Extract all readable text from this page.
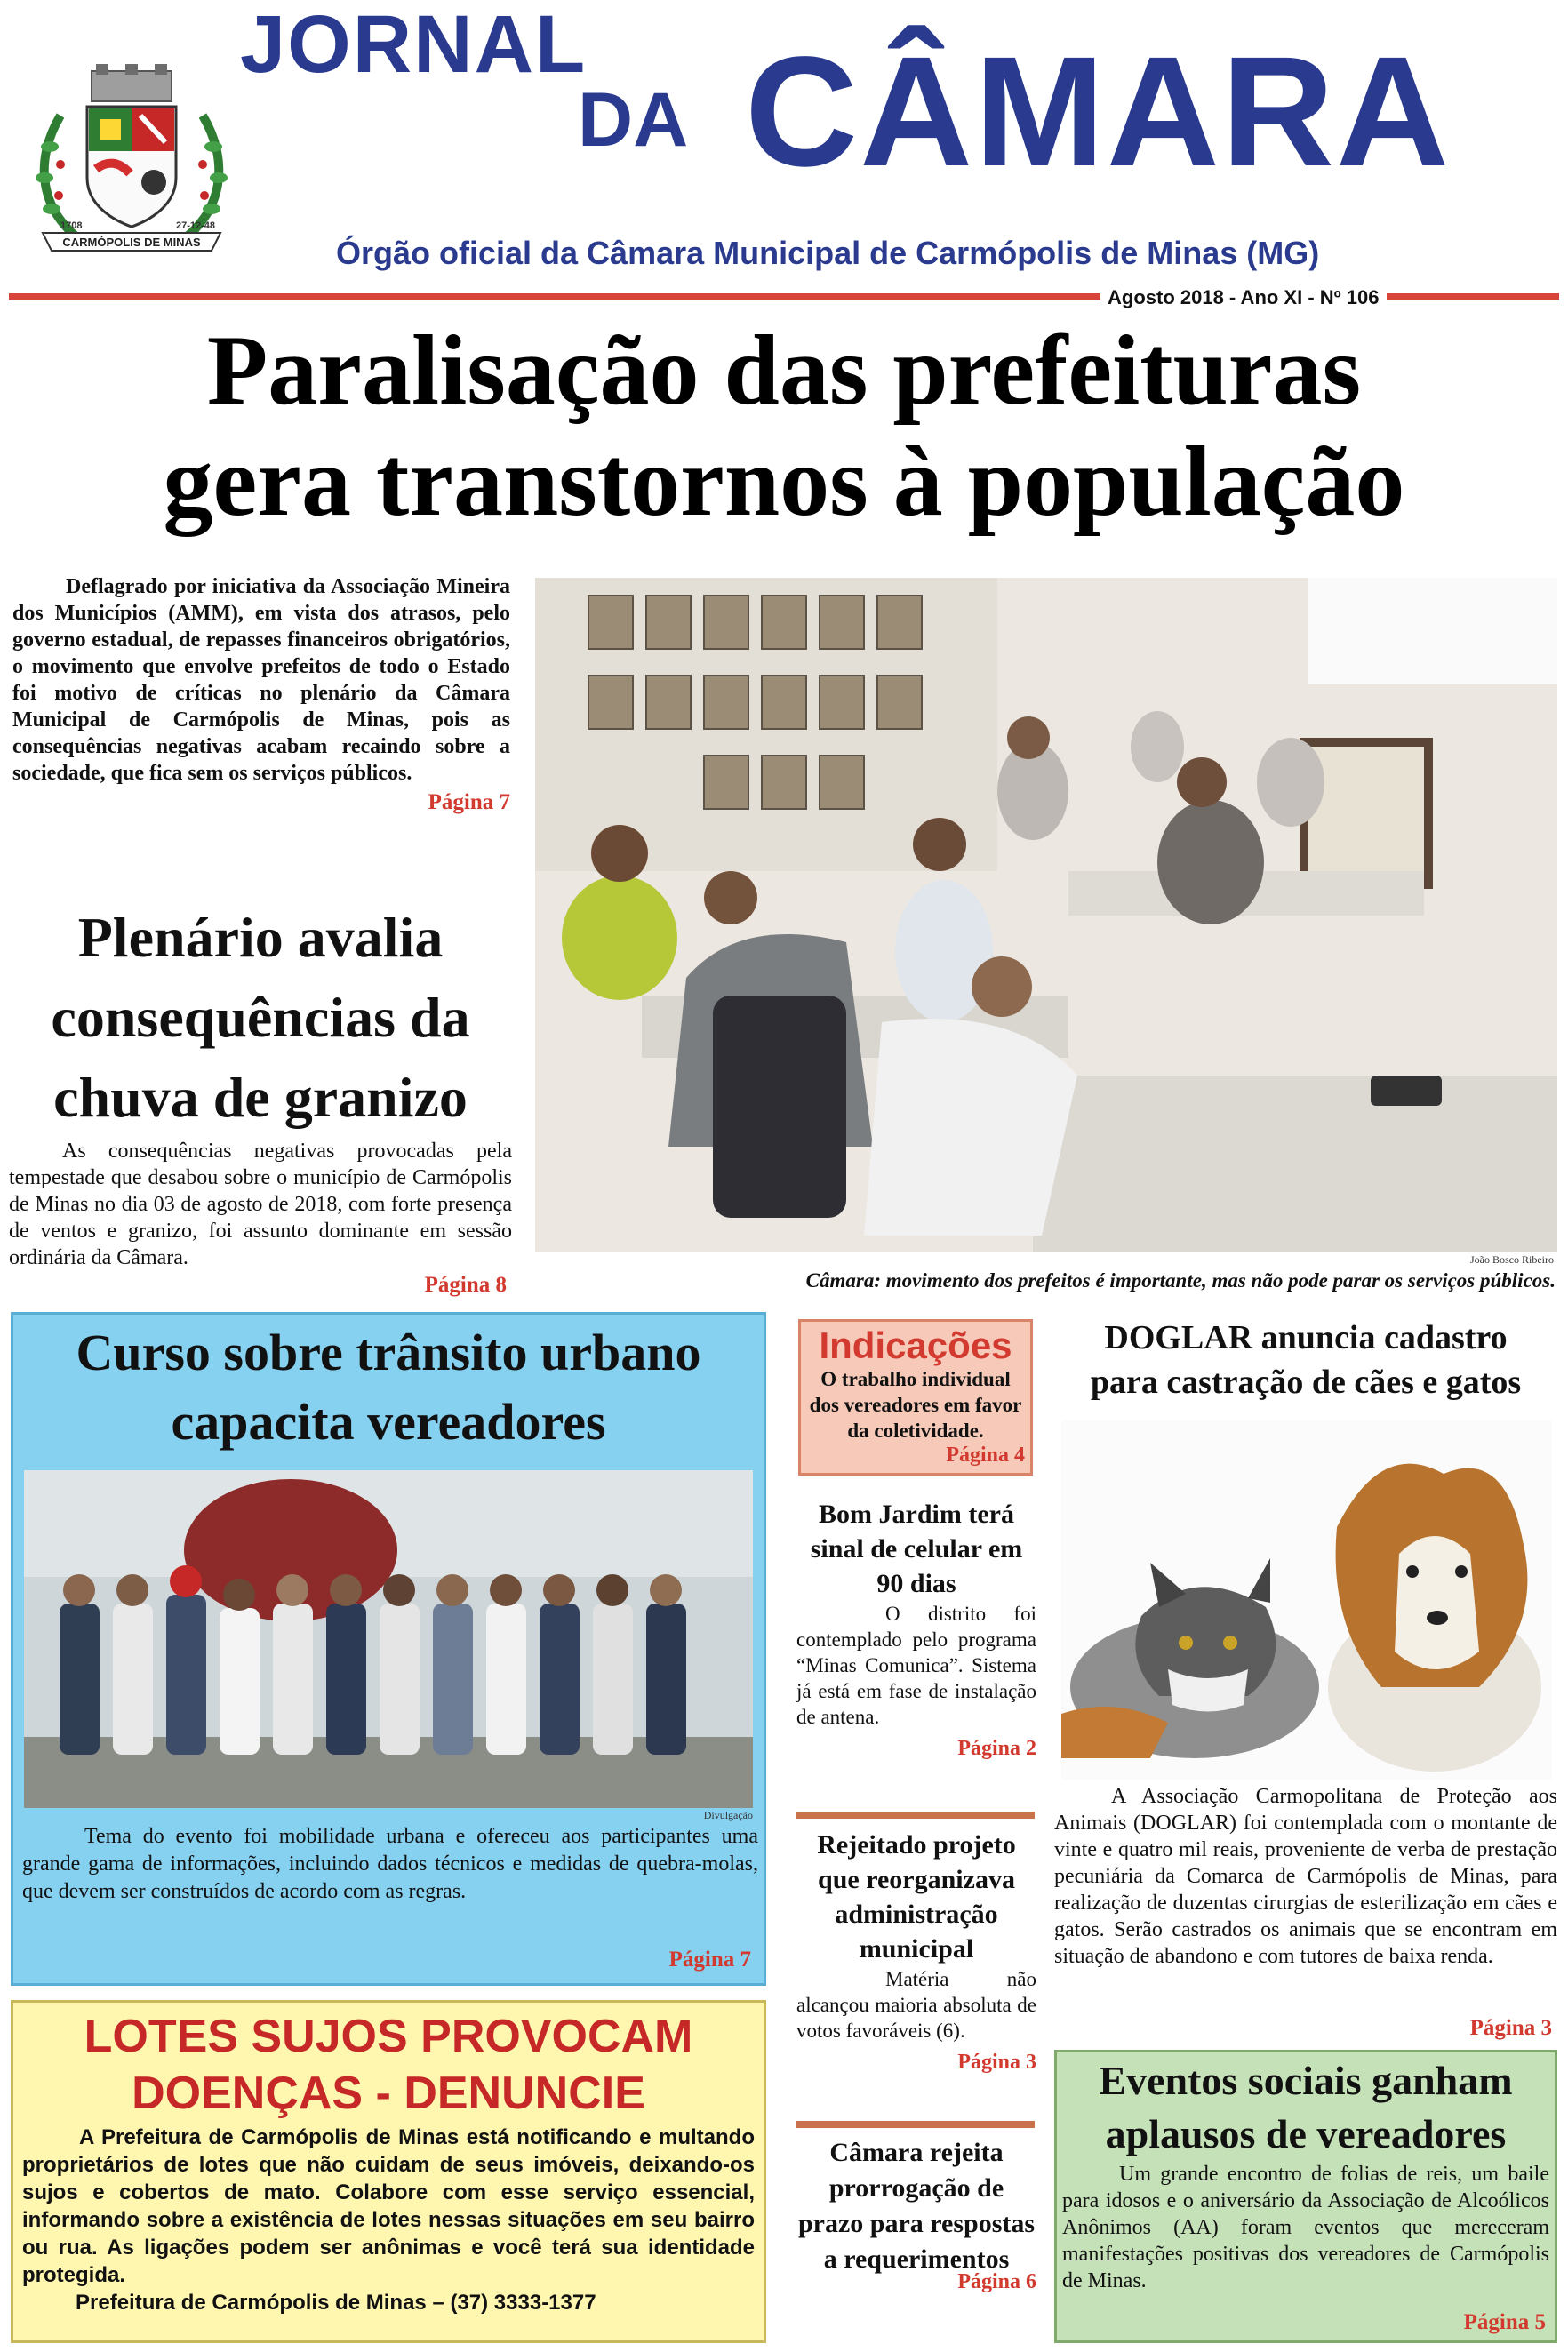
1708	27-12-48
CARMÓPOLIS DE MINAS
JORNAL
DA CÂMARA
Órgão oficial da Câmara Municipal de Carmópolis de Minas (MG)
Agosto 2018 - Ano XI - Nº 106
Paralisação das prefeituras
gera transtornos à população
Deflagrado por iniciativa da Associação Mineira dos Municípios (AMM), em vista dos atrasos, pelo governo estadual, de repasses financeiros obrigatórios, o movimento que envolve prefeitos de todo o Estado foi motivo de críticas no plenário da Câmara Municipal de Carmópolis de Minas, pois as consequências negativas acabam recaindo sobre a sociedade, que fica sem os serviços públicos.
Página 7
Plenário avalia consequências da chuva de granizo
As consequências negativas provocadas pela tempestade que desabou sobre o município de Carmópolis de Minas no dia 03 de agosto de 2018, com forte presença de ventos e granizo, foi assunto dominante em sessão ordinária da Câmara.
Página 8
João Bosco Ribeiro
Câmara: movimento dos prefeitos é importante, mas não pode parar os serviços públicos.
Curso sobre trânsito urbano
capacita vereadores
Divulgação
Tema do evento foi mobilidade urbana e ofereceu aos participantes uma grande gama de informações, incluindo dados técnicos e medidas de quebra-molas, que devem ser construídos de acordo com as regras.
Página 7
LOTES SUJOS PROVOCAM
DOENÇAS - DENUNCIE
A Prefeitura de Carmópolis de Minas está notificando e multando proprietários de lotes que não cuidam de seus imóveis, deixando-os sujos e cobertos de mato. Colabore com esse serviço essencial, informando sobre a existência de lotes nessas situações em seu bairro ou rua. As ligações podem ser anônimas e você terá sua identidade protegida.
Prefeitura de Carmópolis de Minas – (37) 3333-1377
Indicações
O trabalho individual dos vereadores em favor da coletividade.
Página 4
Bom Jardim terá sinal de celular em 90 dias
O distrito foi contemplado pelo programa “Minas Comunica”. Sistema já está em fase de instalação de antena.
Página 2
Rejeitado projeto que reorganizava administração municipal
Matéria não alcançou maioria absoluta de votos favoráveis (6).
Página 3
Câmara rejeita prorrogação de prazo para respostas a requerimentos
Página 6
DOGLAR anuncia cadastro
para castração de cães e gatos
A Associação Carmopolitana de Proteção aos Animais (DOGLAR) foi contemplada com o montante de vinte e quatro mil reais, proveniente de verba de prestação pecuniária da Comarca de Carmópolis de Minas, para realização de duzentas cirurgias de esterilização em cães e gatos. Serão castrados os animais que se encontram em situação de abandono e com tutores de baixa renda.
Página 3
Eventos sociais ganham
aplausos de vereadores
Um grande encontro de folias de reis, um baile para idosos e o aniversário da Associação de Alcoólicos Anônimos (AA) foram eventos que mereceram manifestações positivas dos vereadores de Carmópolis de Minas.
Página 5
